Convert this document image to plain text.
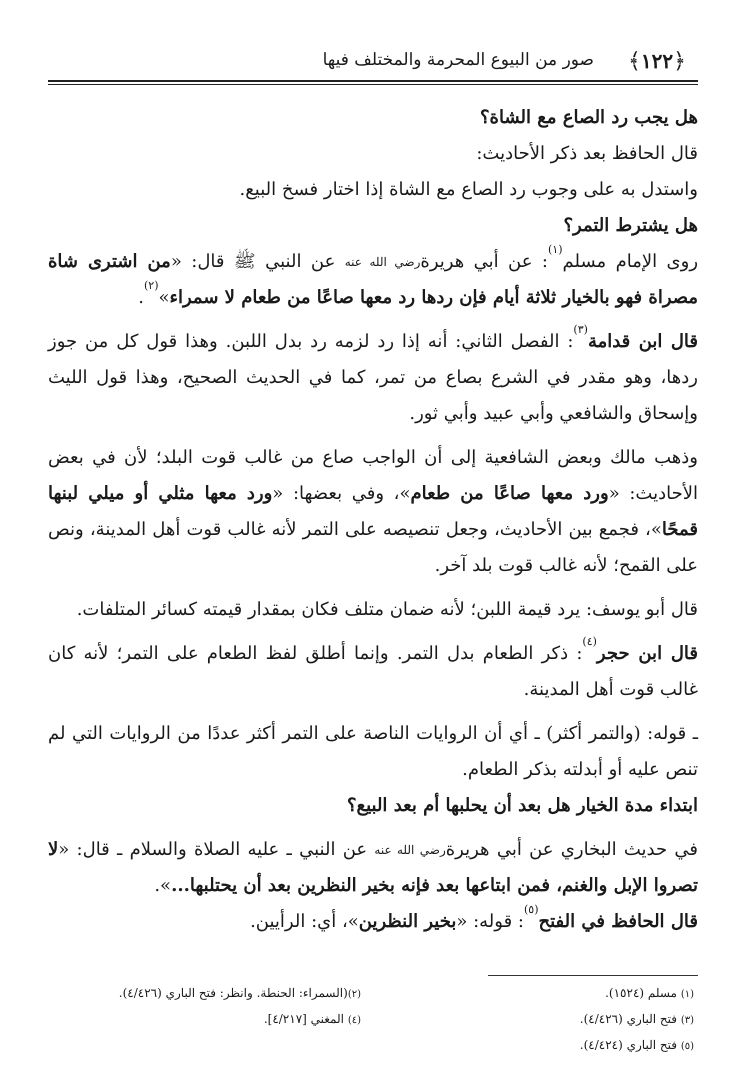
﴿١٢٢﴾
صور من البيوع المحرمة والمختلف فيها

هل يجب رد الصاع مع الشاة؟

قال الحافظ بعد ذكر الأحاديث:

واستدل به على وجوب رد الصاع مع الشاة إذا اختار فسخ البيع.

هل يشترط التمر؟

روى الإمام مسلم$^{(١)}$: عن أبي هريرة$^{رضي الله عنه}$ عن النبي ﷺ قال: «من اشترى شاة مصراة فهو بالخيار ثلاثة أيام فإن ردها رد معها صاعًا من طعام لا سمراء»$^{(٢)}$.

قال ابن قدامة$^{(٣)}$: الفصل الثاني: أنه إذا رد لزمه رد بدل اللبن. وهذا قول كل من جوز ردها، وهو مقدر في الشرع بصاع من تمر، كما في الحديث الصحيح، وهذا قول الليث وإسحاق والشافعي وأبي عبيد وأبي ثور.

وذهب مالك وبعض الشافعية إلى أن الواجب صاع من غالب قوت البلد؛ لأن في بعض الأحاديث: «ورد معها صاعًا من طعام»، وفي بعضها: «ورد معها مثلي أو ميلي لبنها قمحًا»، فجمع بين الأحاديث، وجعل تنصيصه على التمر لأنه غالب قوت أهل المدينة، ونص على القمح؛ لأنه غالب قوت بلد آخر.

قال أبو يوسف: يرد قيمة اللبن؛ لأنه ضمان متلف فكان بمقدار قيمته كسائر المتلفات.

قال ابن حجر$^{(٤)}$: ذكر الطعام بدل التمر. وإنما أطلق لفظ الطعام على التمر؛ لأنه كان غالب قوت أهل المدينة.

ـ قوله: (والتمر أكثر) ـ أي أن الروايات الناصة على التمر أكثر عددًا من الروايات التي لم تنص عليه أو أبدلته بذكر الطعام.

ابتداء مدة الخيار هل بعد أن يحلبها أم بعد البيع؟

في حديث البخاري عن أبي هريرة$^{رضي الله عنه}$ عن النبي ـ عليه الصلاة والسلام ـ قال: «لا تصروا الإبل والغنم، فمن ابتاعها بعد فإنه بخير النظرين بعد أن يحتلبها...».

قال الحافظ في الفتح$^{(٥)}$: قوله: «بخير النظرين»، أي: الرأيين.

(١) مسلم (١٥٢٤).
(٢)(السمراء: الحنطة. وانظر: فتح الباري (٤/٤٢٦).
(٣) فتح الباري (٤/٤٢٦).
(٤) المغني [٤/٢١٧].
(٥) فتح الباري (٤/٤٢٤).
